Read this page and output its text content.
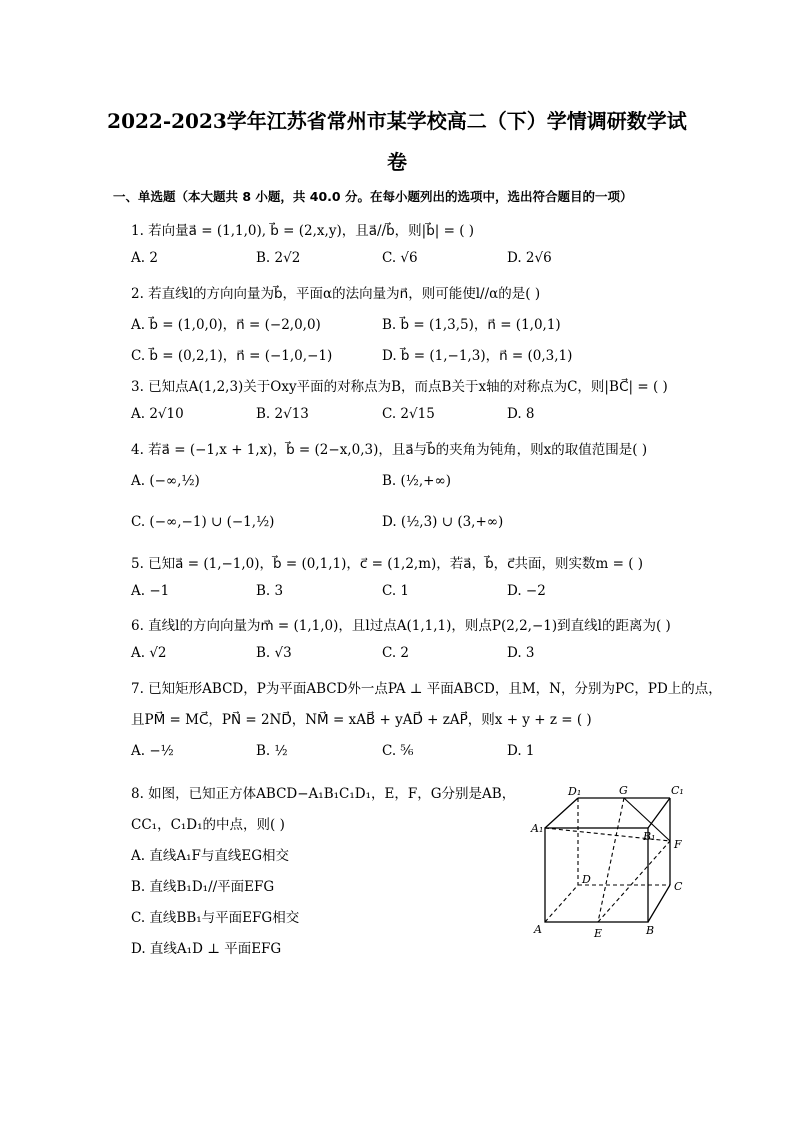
2022-2023学年江苏省常州市某学校高二（下）学情调研数学试
卷
一、单选题（本大题共 8 小题，共 40.0 分。在每小题列出的选项中，选出符合题目的一项）
1. 若向量a⃗ = (1,1,0), b⃗ = (2,x,y)，且a⃗//b⃗，则|b⃗| = ( )
A. 2	B. 2√2	C. √6	D. 2√6
2. 若直线l的方向向量为b⃗，平面α的法向量为n⃗，则可能使l//α的是( )
A. b⃗ = (1,0,0)，n⃗ = (−2,0,0)	B. b⃗ = (1,3,5)，n⃗ = (1,0,1)
C. b⃗ = (0,2,1)，n⃗ = (−1,0,−1)	D. b⃗ = (1,−1,3)，n⃗ = (0,3,1)
3. 已知点A(1,2,3)关于Oxy平面的对称点为B，而点B关于x轴的对称点为C，则|BC⃗| = ( )
A. 2√10	B. 2√13	C. 2√15	D. 8
4. 若a⃗ = (−1,x + 1,x)，b⃗ = (2−x,0,3)，且a⃗与b⃗的夹角为钝角，则x的取值范围是( )
A. (−∞,½)	B. (½,+∞)
C. (−∞,−1) ∪ (−1,½)	D. (½,3) ∪ (3,+∞)
5. 已知a⃗ = (1,−1,0)，b⃗ = (0,1,1)，c⃗ = (1,2,m)，若a⃗，b⃗，c⃗共面，则实数m = ( )
A. −1	B. 3	C. 1	D. −2
6. 直线l的方向向量为m⃗ = (1,1,0)，且l过点A(1,1,1)，则点P(2,2,−1)到直线l的距离为( )
A. √2	B. √3	C. 2	D. 3
7. 已知矩形ABCD，P为平面ABCD外一点PA ⊥ 平面ABCD，且M，N，分别为PC，PD上的点，
且PM⃗ = MC⃗，PN⃗ = 2ND⃗，NM⃗ = xAB⃗ + yAD⃗ + zAP⃗，则x + y + z = ( )
A. −½	B. ½	C. ⅚	D. 1
8. 如图，已知正方体ABCD−A₁B₁C₁D₁，E，F，G分别是AB，
CC₁，C₁D₁的中点，则( )
A. 直线A₁F与直线EG相交
B. 直线B₁D₁//平面EFG
C. 直线BB₁与平面EFG相交
D. 直线A₁D ⊥ 平面EFG
D₁	G	C₁
A₁
B₁
F
D
C
A	E	B
